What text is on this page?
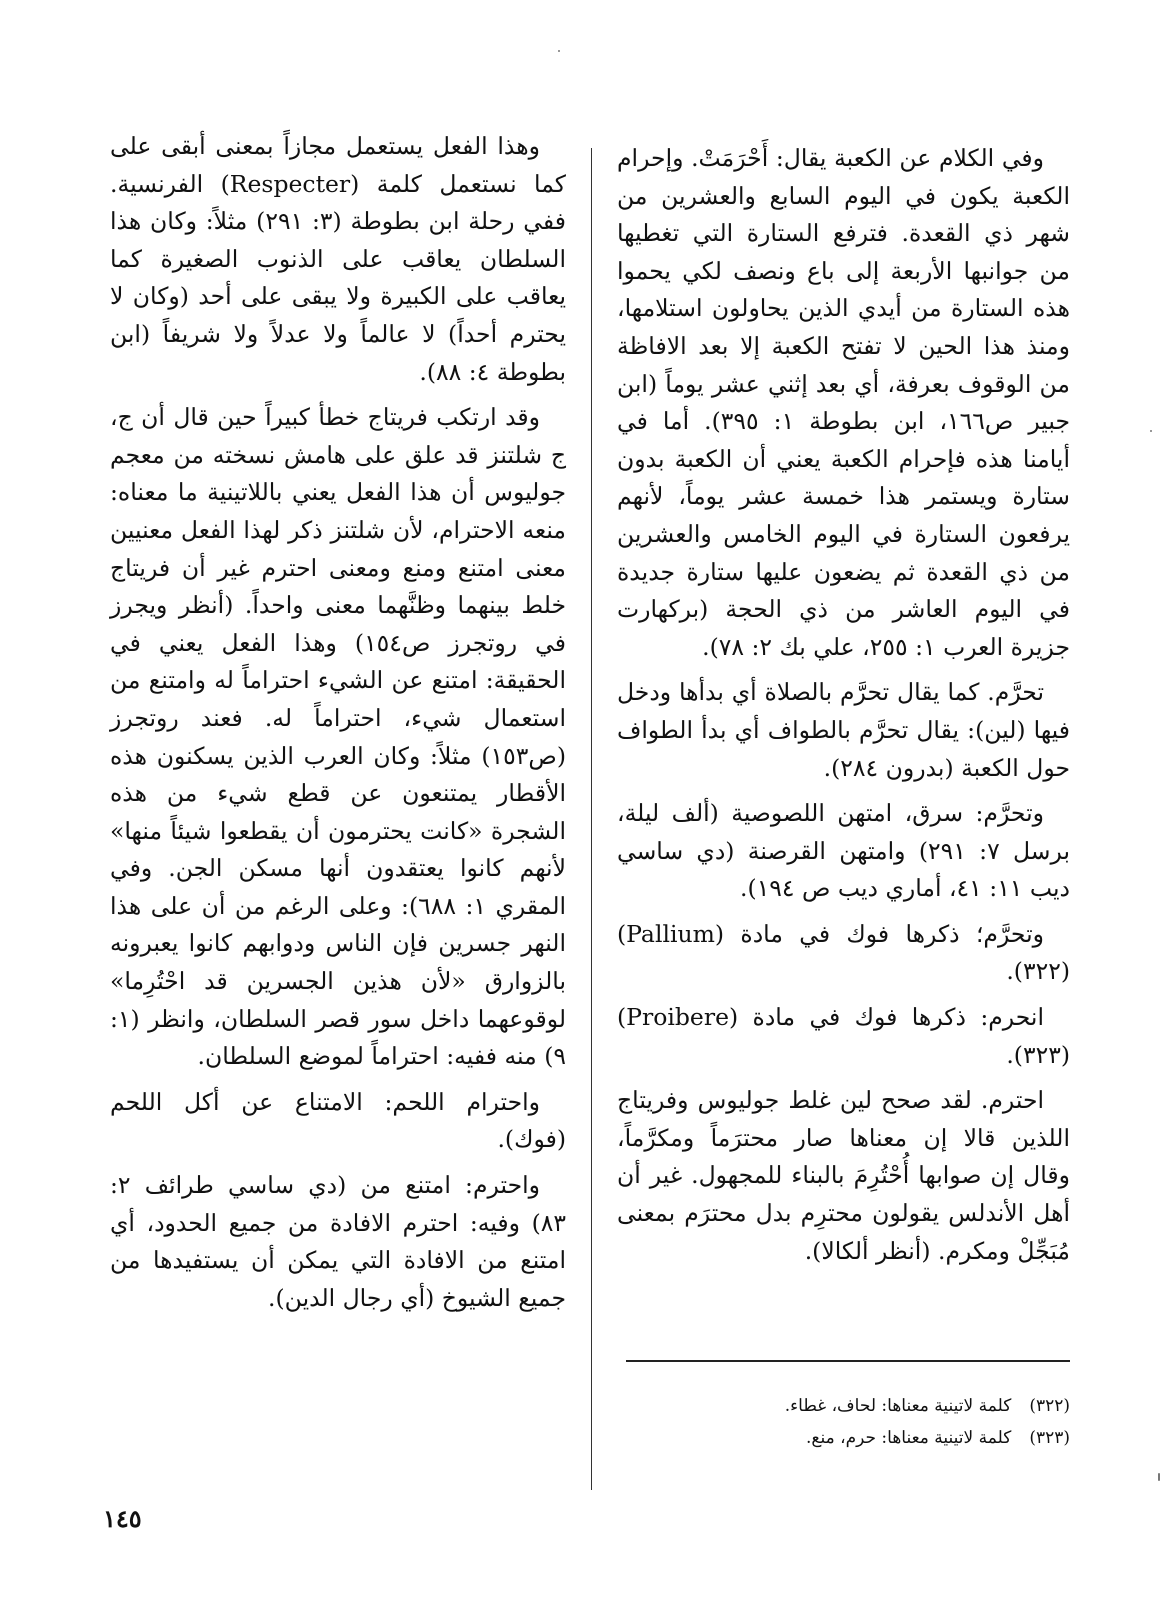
وفي الكلام عن الكعبة يقال: أَحْرَمَتْ. وإحرام الكعبة يكون في اليوم السابع والعشرين من شهر ذي القعدة. فترفع الستارة التي تغطيها من جوانبها الأربعة إلى باع ونصف لكي يحموا هذه الستارة من أيدي الذين يحاولون استلامها، ومنذ هذا الحين لا تفتح الكعبة إلا بعد الافاظة من الوقوف بعرفة، أي بعد إثني عشر يوماً (ابن جبير ص١٦٦، ابن بطوطة ١: ٣٩٥). أما في أيامنا هذه فإحرام الكعبة يعني أن الكعبة بدون ستارة ويستمر هذا خمسة عشر يوماً، لأنهم يرفعون الستارة في اليوم الخامس والعشرين من ذي القعدة ثم يضعون عليها ستارة جديدة في اليوم العاشر من ذي الحجة (بركهارت جزيرة العرب ١: ٢٥٥، علي بك ٢: ٧٨).

تحرَّم. كما يقال تحرَّم بالصلاة أي بدأها ودخل فيها (لين): يقال تحرَّم بالطواف أي بدأ الطواف حول الكعبة (بدرون ٢٨٤).

وتحرَّم: سرق، امتهن اللصوصية (ألف ليلة، برسل ٧: ٢٩١) وامتهن القرصنة (دي ساسي ديب ١١: ٤١، أماري ديب ص ١٩٤).

وتحرَّم؛ ذكرها فوك في مادة (Pallium)(٣٢٢).

انحرم: ذكرها فوك في مادة (Proibere)(٣٢٣).

احترم. لقد صحح لين غلط جوليوس وفريتاج اللذين قالا إن معناها صار محترَماً ومكرَّماً، وقال إن صوابها أُحْتُرِمَ بالبناء للمجهول. غير أن أهل الأندلس يقولون محترِم بدل محترَم بمعنى مُبَجِّلْ ومكرم. (أنظر ألكالا).

وهذا الفعل يستعمل مجازاً بمعنى أبقى على كما نستعمل كلمة (Respecter) الفرنسية. ففي رحلة ابن بطوطة (٣: ٢٩١) مثلاً: وكان هذا السلطان يعاقب على الذنوب الصغيرة كما يعاقب على الكبيرة ولا يبقى على أحد (وكان لا يحترم أحداً) لا عالماً ولا عدلاً ولا شريفاً (ابن بطوطة ٤: ٨٨).

وقد ارتكب فريتاج خطأ كبيراً حين قال أن ج، ج شلتنز قد علق على هامش نسخته من معجم جوليوس أن هذا الفعل يعني باللاتينية ما معناه: منعه الاحترام، لأن شلتنز ذكر لهذا الفعل معنيين معنى امتنع ومنع ومعنى احترم غير أن فريتاج خلط بينهما وظنَّهما معنى واحداً. (أنظر ويجرز في روتجرز ص١٥٤) وهذا الفعل يعني في الحقيقة: امتنع عن الشيء احتراماً له وامتنع من استعمال شيء، احتراماً له. فعند روتجرز (ص١٥٣) مثلاً: وكان العرب الذين يسكنون هذه الأقطار يمتنعون عن قطع شيء من هذه الشجرة «كانت يحترمون أن يقطعوا شيئاً منها» لأنهم كانوا يعتقدون أنها مسكن الجن. وفي المقري ١: ٦٨٨): وعلى الرغم من أن على هذا النهر جسرين فإن الناس ودوابهم كانوا يعبرونه بالزوارق «لأن هذين الجسرين قد احْتُرِما» لوقوعهما داخل سور قصر السلطان، وانظر (١: ٩) منه ففيه: احتراماً لموضع السلطان.

واحترام اللحم: الامتناع عن أكل اللحم (فوك).

واحترم: امتنع من (دي ساسي طرائف ٢: ٨٣) وفيه: احترم الافادة من جميع الحدود، أي امتنع من الافادة التي يمكن أن يستفيدها من جميع الشيوخ (أي رجال الدين).

(٣٢٢)كلمة لاتينية معناها: لحاف، غطاء.
(٣٢٣)كلمة لاتينية معناها: حرم، منع.
١٤٥
